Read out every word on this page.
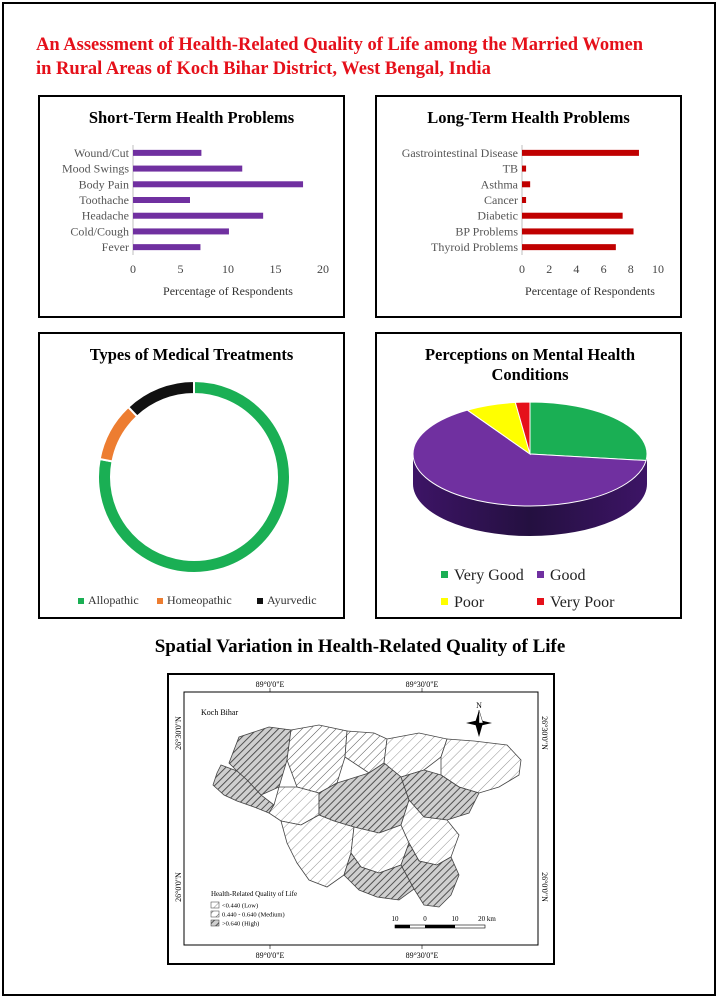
An Assessment of Health-Related Quality of Life among the Married Women
in Rural Areas of Koch Bihar District, West Bengal, India
Short-Term Health Problems
Wound/Cut
Mood Swings
Body Pain
Toothache
Headache
Cold/Cough
Fever
0	5	10	15	20
Percentage of Respondents
Long-Term Health Problems
Gastrointestinal Disease
TB
Asthma
Cancer
Diabetic
BP Problems
Thyroid Problems
0 2 4 6 8 10
Percentage of Respondents
Types of Medical Treatments
Allopathic Homeopathic	Ayurvedic
Perceptions on Mental Health Conditions
Very Good Good
Poor	Very Poor
Spatial Variation in Health-Related Quality of Life
89°0'0"E	89°30'0"E
89°0'0"E	89°30'0"E
26°30'0"N
26°0'0"N
26°30'0"N
26°0'0"N
Koch Bihar
N
Health-Related Quality of Life
<0.440 (Low)
0.440 - 0.640 (Medium)
>0.640 (High)
10	0	10	20 km
